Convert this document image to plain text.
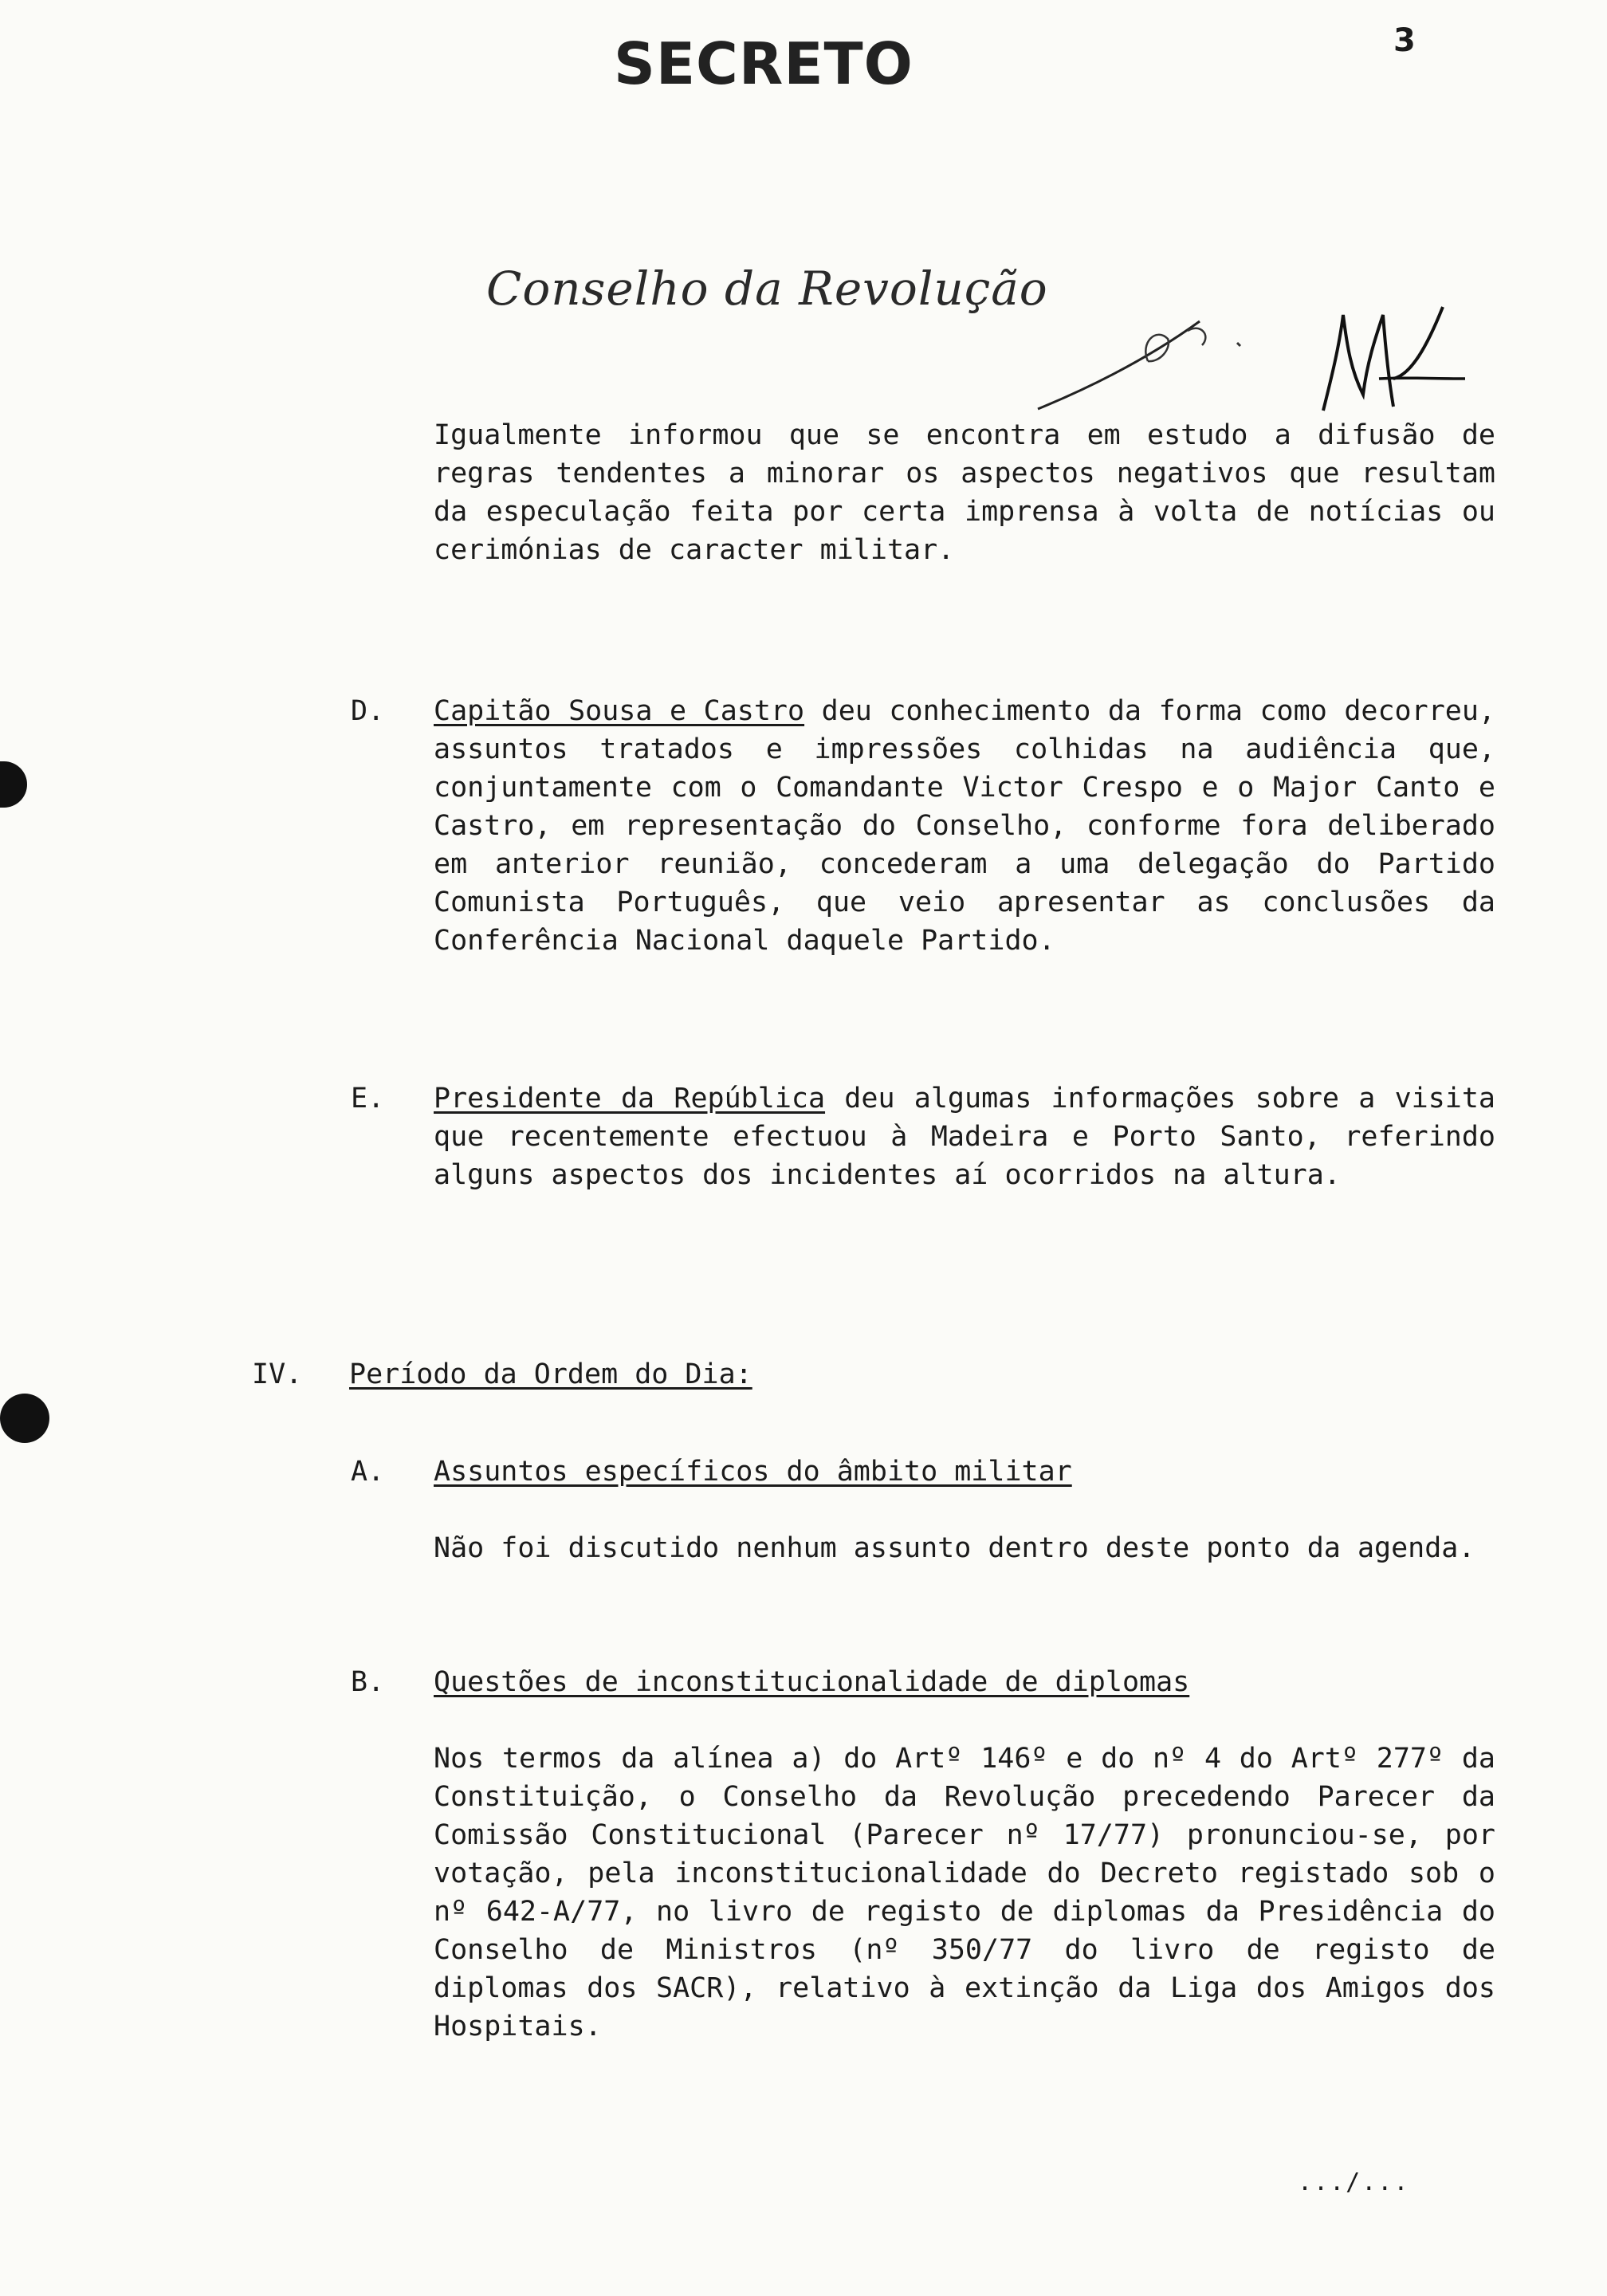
SECRETO	3
Conselho da Revolução
Igualmente informou que se encontra em estudo a difusão de regras tendentes a minorar os aspectos negativos que resultam da especulação feita por certa imprensa à volta de notícias ou cerimónias de caracter militar.
D. Capitão Sousa e Castro deu conhecimento da forma como decorreu, assuntos tratados e impressões colhidas na audiência que, conjuntamente com o Comandante Victor Crespo e o Major Canto e Castro, em representação do Conselho, conforme fora deliberado em anterior reunião, concederam a uma delegação do Partido Comunista Português, que veio apresentar as conclusões da Conferência Nacional daquele Partido.
E. Presidente da República deu algumas informações sobre a visita que recentemente efectuou à Madeira e Porto Santo, referindo alguns aspectos dos incidentes aí ocorridos na altura.
IV. Período da Ordem do Dia:
A. Assuntos específicos do âmbito militar
Não foi discutido nenhum assunto dentro deste ponto da agenda.
B. Questões de inconstitucionalidade de diplomas
Nos termos da alínea a) do Artº 146º e do nº 4 do Artº 277º da Constituição, o Conselho da Revolução precedendo Parecer da Comissão Constitucional (Parecer nº 17/77) pronunciou-se, por votação, pela inconstitucionalidade do Decreto registado sob o nº 642-A/77, no livro de registo de diplomas da Presidência do Conselho de Ministros (nº 350/77 do livro de registo de diplomas dos SACR), relativo à extinção da Liga dos Amigos dos Hospitais.
.../...
